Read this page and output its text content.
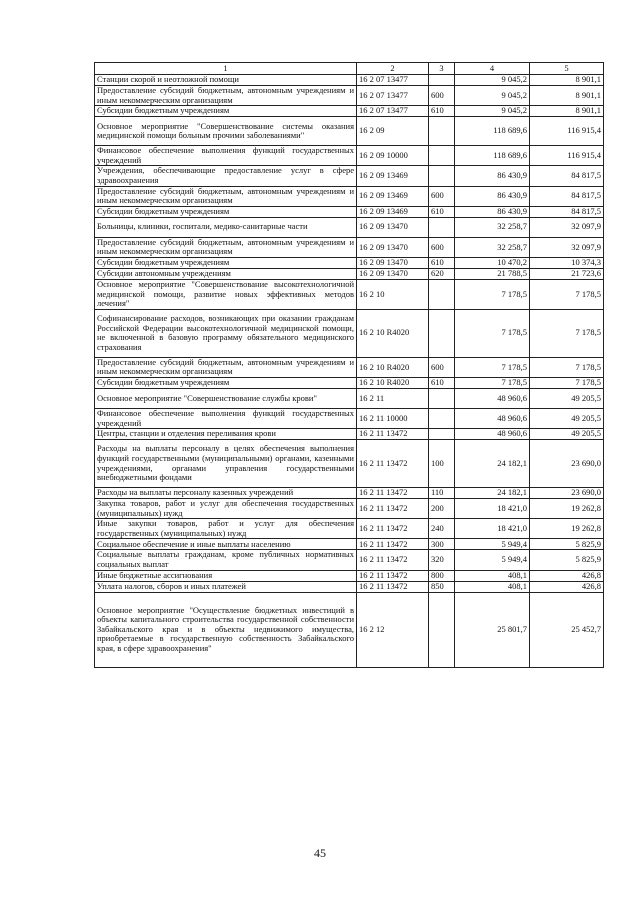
1	2	3	4	5
Станции скорой и неотложной помощи	16 2 07 13477		9 045,2	8 901,1
Предоставление субсидий бюджетным, автономным учреждениям и иным некоммерческим организациям	16 2 07 13477	600	9 045,2	8 901,1
Субсидии бюджетным учреждениям	16 2 07 13477	610	9 045,2	8 901,1
Основное мероприятие "Совершенствование системы оказания медицинской помощи больным прочими заболеваниями"	16 2 09		118 689,6	116 915,4
Финансовое обеспечение выполнения функций государственных учреждений	16 2 09 10000		118 689,6	116 915,4
Учреждения, обеспечивающие предоставление услуг в сфере здравоохранения	16 2 09 13469		86 430,9	84 817,5
Предоставление субсидий бюджетным, автономным учреждениям и иным некоммерческим организациям	16 2 09 13469	600	86 430,9	84 817,5
Субсидии бюджетным учреждениям	16 2 09 13469	610	86 430,9	84 817,5
Больницы, клиники, госпитали, медико-санитарные части	16 2 09 13470		32 258,7	32 097,9
Предоставление субсидий бюджетным, автономным учреждениям и иным некоммерческим организациям	16 2 09 13470	600	32 258,7	32 097,9
Субсидии бюджетным учреждениям	16 2 09 13470	610	10 470,2	10 374,3
Субсидии автономным учреждениям	16 2 09 13470	620	21 788,5	21 723,6
Основное мероприятие "Совершенствование высокотехнологичной медицинской помощи, развитие новых эффективных методов лечения"	16 2 10		7 178,5	7 178,5
Софинансирование расходов, возникающих при оказании гражданам Российской Федерации высокотехнологичной медицинской помощи, не включенной в базовую программу обязательного медицинского страхования	16 2 10 R4020		7 178,5	7 178,5
Предоставление субсидий бюджетным, автономным учреждениям и иным некоммерческим организациям	16 2 10 R4020	600	7 178,5	7 178,5
Субсидии бюджетным учреждениям	16 2 10 R4020	610	7 178,5	7 178,5
Основное мероприятие "Совершенствование службы крови"	16 2 11		48 960,6	49 205,5
Финансовое обеспечение выполнения функций государственных учреждений	16 2 11 10000		48 960,6	49 205,5
Центры, станции и отделения переливания крови	16 2 11 13472		48 960,6	49 205,5
Расходы на выплаты персоналу в целях обеспечения выполнения функций государственными (муниципальными) органами, казенными учреждениями, органами управления государственными внебюджетными фондами	16 2 11 13472	100	24 182,1	23 690,0
Расходы на выплаты персоналу казенных учреждений	16 2 11 13472	110	24 182,1	23 690,0
Закупка товаров, работ и услуг для обеспечения государственных (муниципальных) нужд	16 2 11 13472	200	18 421,0	19 262,8
Иные закупки товаров, работ и услуг для обеспечения государственных (муниципальных) нужд	16 2 11 13472	240	18 421,0	19 262,8
Социальное обеспечение и иные выплаты населению	16 2 11 13472	300	5 949,4	5 825,9
Социальные выплаты гражданам, кроме публичных нормативных социальных выплат	16 2 11 13472	320	5 949,4	5 825,9
Иные бюджетные ассигнования	16 2 11 13472	800	408,1	426,8
Уплата налогов, сборов и иных платежей	16 2 11 13472	850	408,1	426,8
Основное мероприятие "Осуществление бюджетных инвестиций в объекты капитального строительства государственной собственности Забайкальского края и в объекты недвижимого имущества, приобретаемые в государственную собственность Забайкальского края, в сфере здравоохранения"	16 2 12		25 801,7	25 452,7
45
